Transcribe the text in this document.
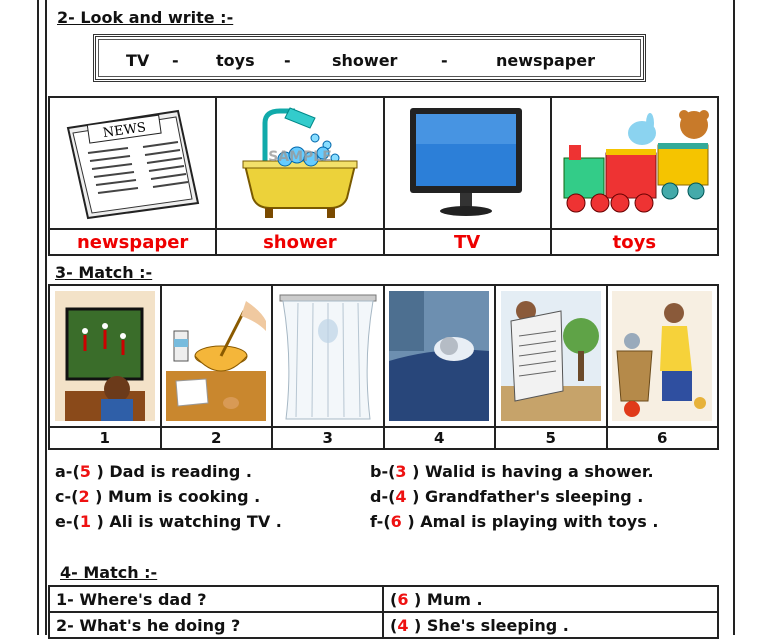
2- Look and write :-
TV - toys -	shower	-	newspaper
NEWS	SAMPLE

newspaper	shower	TV	toys
3- Match :-

1	2	3	4	5	6
a-(5 ) Dad is reading .
c-(2 ) Mum is cooking .
e-(1 ) Ali is watching TV .
b-(3 ) Walid is having a shower.
d-(4 ) Grandfather's sleeping .
f-(6 ) Amal is playing with toys .
4- Match :-
1- Where's dad ?	(6 ) Mum .
2- What's he doing ?	(4 ) She's sleeping .
